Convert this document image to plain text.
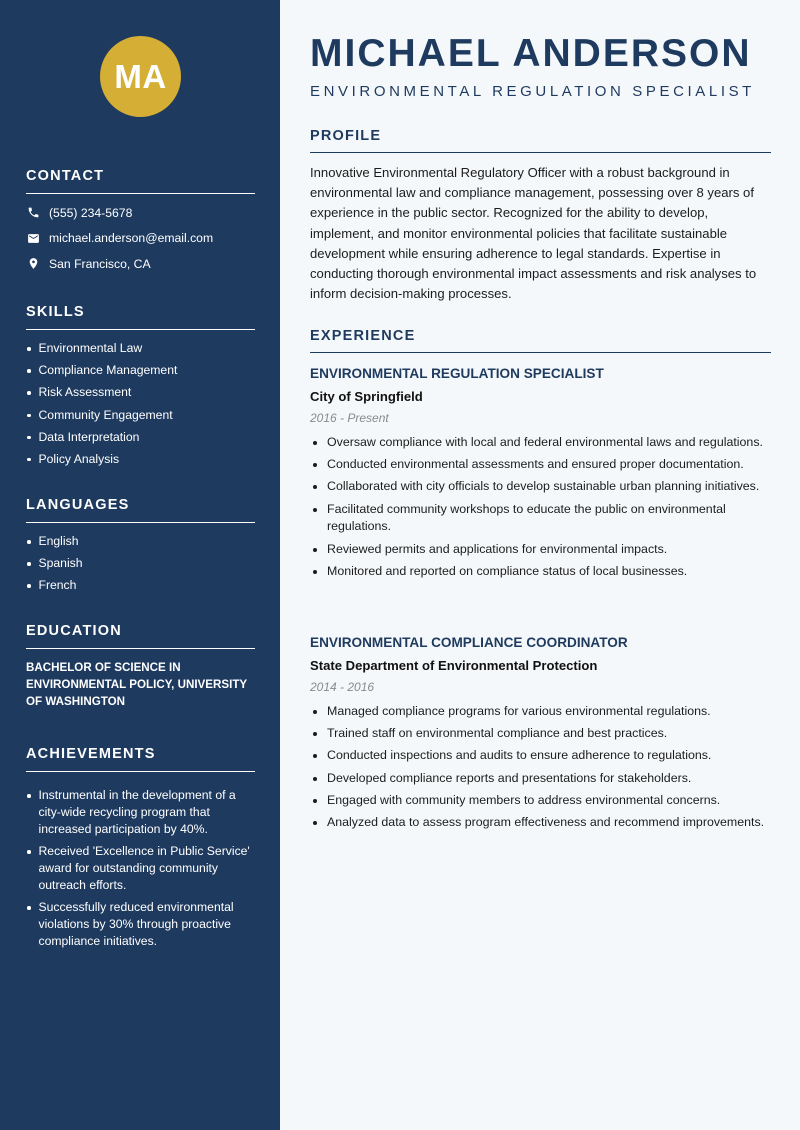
MA
CONTACT
(555) 234-5678
michael.anderson@email.com
San Francisco, CA
SKILLS
Environmental Law
Compliance Management
Risk Assessment
Community Engagement
Data Interpretation
Policy Analysis
LANGUAGES
English
Spanish
French
EDUCATION
BACHELOR OF SCIENCE IN ENVIRONMENTAL POLICY, UNIVERSITY OF WASHINGTON
ACHIEVEMENTS
Instrumental in the development of a city-wide recycling program that increased participation by 40%.
Received 'Excellence in Public Service' award for outstanding community outreach efforts.
Successfully reduced environmental violations by 30% through proactive compliance initiatives.
MICHAEL ANDERSON
ENVIRONMENTAL REGULATION SPECIALIST
PROFILE

Innovative Environmental Regulatory Officer with a robust background in environmental law and compliance management, possessing over 8 years of experience in the public sector. Recognized for the ability to develop, implement, and monitor environmental policies that facilitate sustainable development while ensuring adherence to legal standards. Expertise in conducting thorough environmental impact assessments and risk analyses to inform decision-making processes.

EXPERIENCE
ENVIRONMENTAL REGULATION SPECIALIST
City of Springfield
2016 - Present
Oversaw compliance with local and federal environmental laws and regulations.
Conducted environmental assessments and ensured proper documentation.
Collaborated with city officials to develop sustainable urban planning initiatives.
Facilitated community workshops to educate the public on environmental regulations.
Reviewed permits and applications for environmental impacts.
Monitored and reported on compliance status of local businesses.
ENVIRONMENTAL COMPLIANCE COORDINATOR
State Department of Environmental Protection
2014 - 2016
Managed compliance programs for various environmental regulations.
Trained staff on environmental compliance and best practices.
Conducted inspections and audits to ensure adherence to regulations.
Developed compliance reports and presentations for stakeholders.
Engaged with community members to address environmental concerns.
Analyzed data to assess program effectiveness and recommend improvements.
